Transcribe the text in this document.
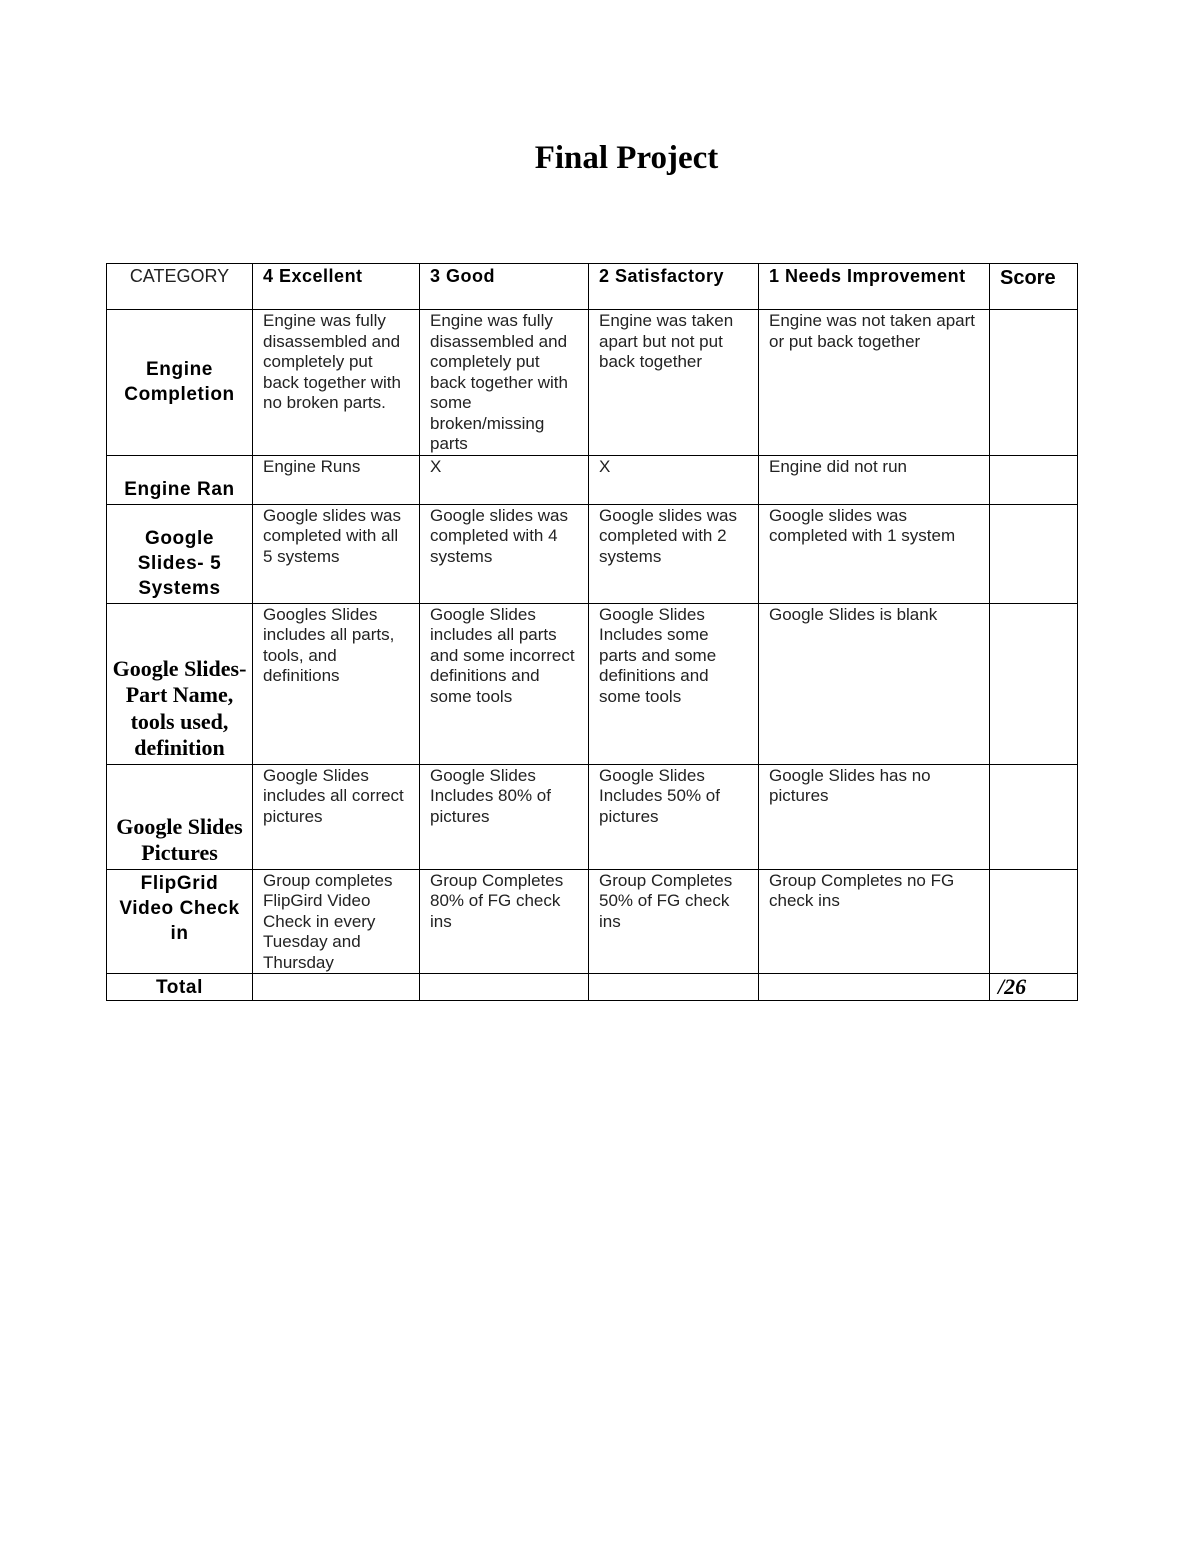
Final Project
CATEGORY	4 Excellent	3 Good	2 Satisfactory	1 Needs Improvement	Score
Engine Completion	Engine was fully disassembled and completely put back together with no broken parts.	Engine was fully disassembled and completely put back together with some broken/missing parts	Engine was taken apart but not put back together	Engine was not taken apart or put back together	
Engine Ran	Engine Runs	X	X	Engine did not run	
Google Slides- 5 Systems	Google slides was completed with all 5 systems	Google slides was completed with 4 systems	Google slides was completed with 2 systems	Google slides was completed with 1 system	
Google Slides-Part Name, tools used, definition	Googles Slides includes all parts, tools, and definitions	Google Slides includes all parts and some incorrect definitions and some tools	Google Slides Includes some parts and some definitions and some tools	Google Slides is blank	
Google Slides Pictures	Google Slides includes all correct pictures	Google Slides Includes 80% of pictures	Google Slides Includes 50% of pictures	Google Slides has no pictures	
FlipGrid Video Check in	Group completes FlipGird Video Check in every Tuesday and Thursday	Group Completes 80% of FG check ins	Group Completes 50% of FG check ins	Group Completes no FG check ins	
Total					/26
